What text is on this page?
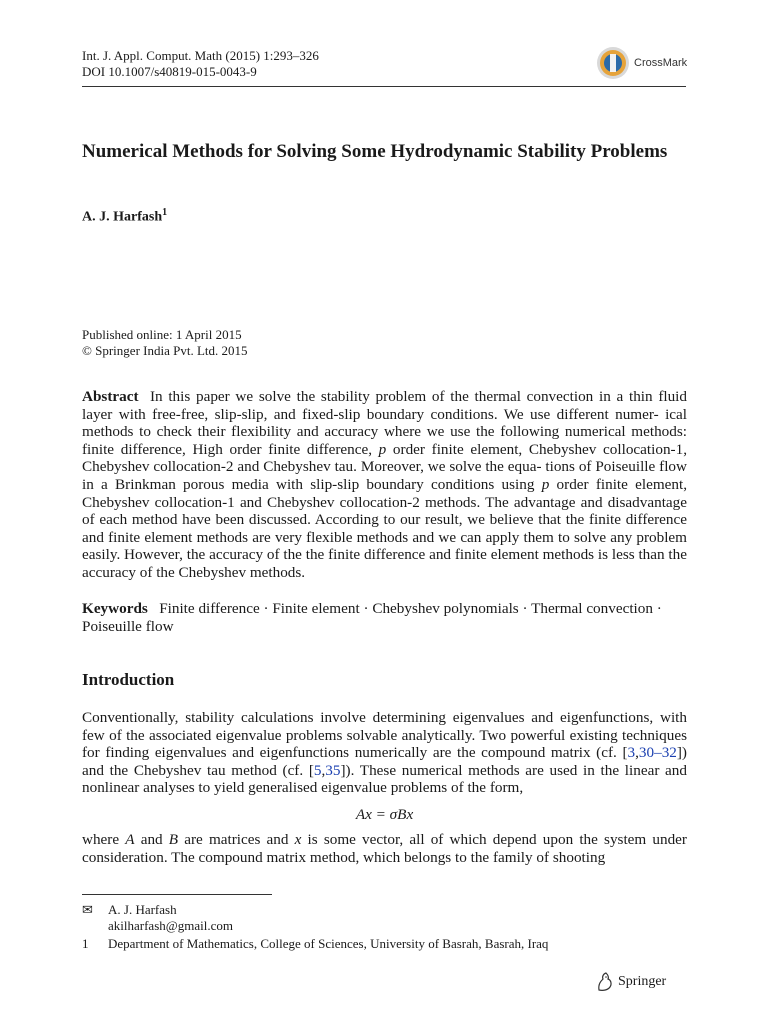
Int. J. Appl. Comput. Math (2015) 1:293–326
DOI 10.1007/s40819-015-0043-9
CrossMark
Numerical Methods for Solving Some Hydrodynamic Stability Problems
A. J. Harfash$^1$
Published online: 1 April 2015
© Springer India Pvt. Ltd. 2015
Abstract In this paper we solve the stability problem of the thermal convection in a thin fluid layer with free-free, slip-slip, and fixed-slip boundary conditions. We use different numer- ical methods to check their flexibility and accuracy where we use the following numerical methods: finite difference, High order finite difference, p order finite element, Chebyshev collocation-1, Chebyshev collocation-2 and Chebyshev tau. Moreover, we solve the equa- tions of Poiseuille flow in a Brinkman porous media with slip-slip boundary conditions using p order finite element, Chebyshev collocation-1 and Chebyshev collocation-2 methods. The advantage and disadvantage of each method have been discussed. According to our result, we believe that the finite difference and finite element methods are very flexible methods and we can apply them to solve any problem easily. However, the accuracy of the the finite difference and finite element methods is less than the accuracy of the Chebyshev methods.
Keywords Finite difference · Finite element · Chebyshev polynomials · Thermal convection · Poiseuille flow
Introduction
Conventionally, stability calculations involve determining eigenvalues and eigenfunctions, with few of the associated eigenvalue problems solvable analytically. Two powerful existing techniques for finding eigenvalues and eigenfunctions numerically are the compound matrix (cf. [3,30–32]) and the Chebyshev tau method (cf. [5,35]). These numerical methods are used in the linear and nonlinear analyses to yield generalised eigenvalue problems of the form,
Ax = σBx
where A and B are matrices and x is some vector, all of which depend upon the system under consideration. The compound matrix method, which belongs to the family of shooting
✉ A. J. Harfash
akilharfash@gmail.com
1 Department of Mathematics, College of Sciences, University of Basrah, Basrah, Iraq
Springer
